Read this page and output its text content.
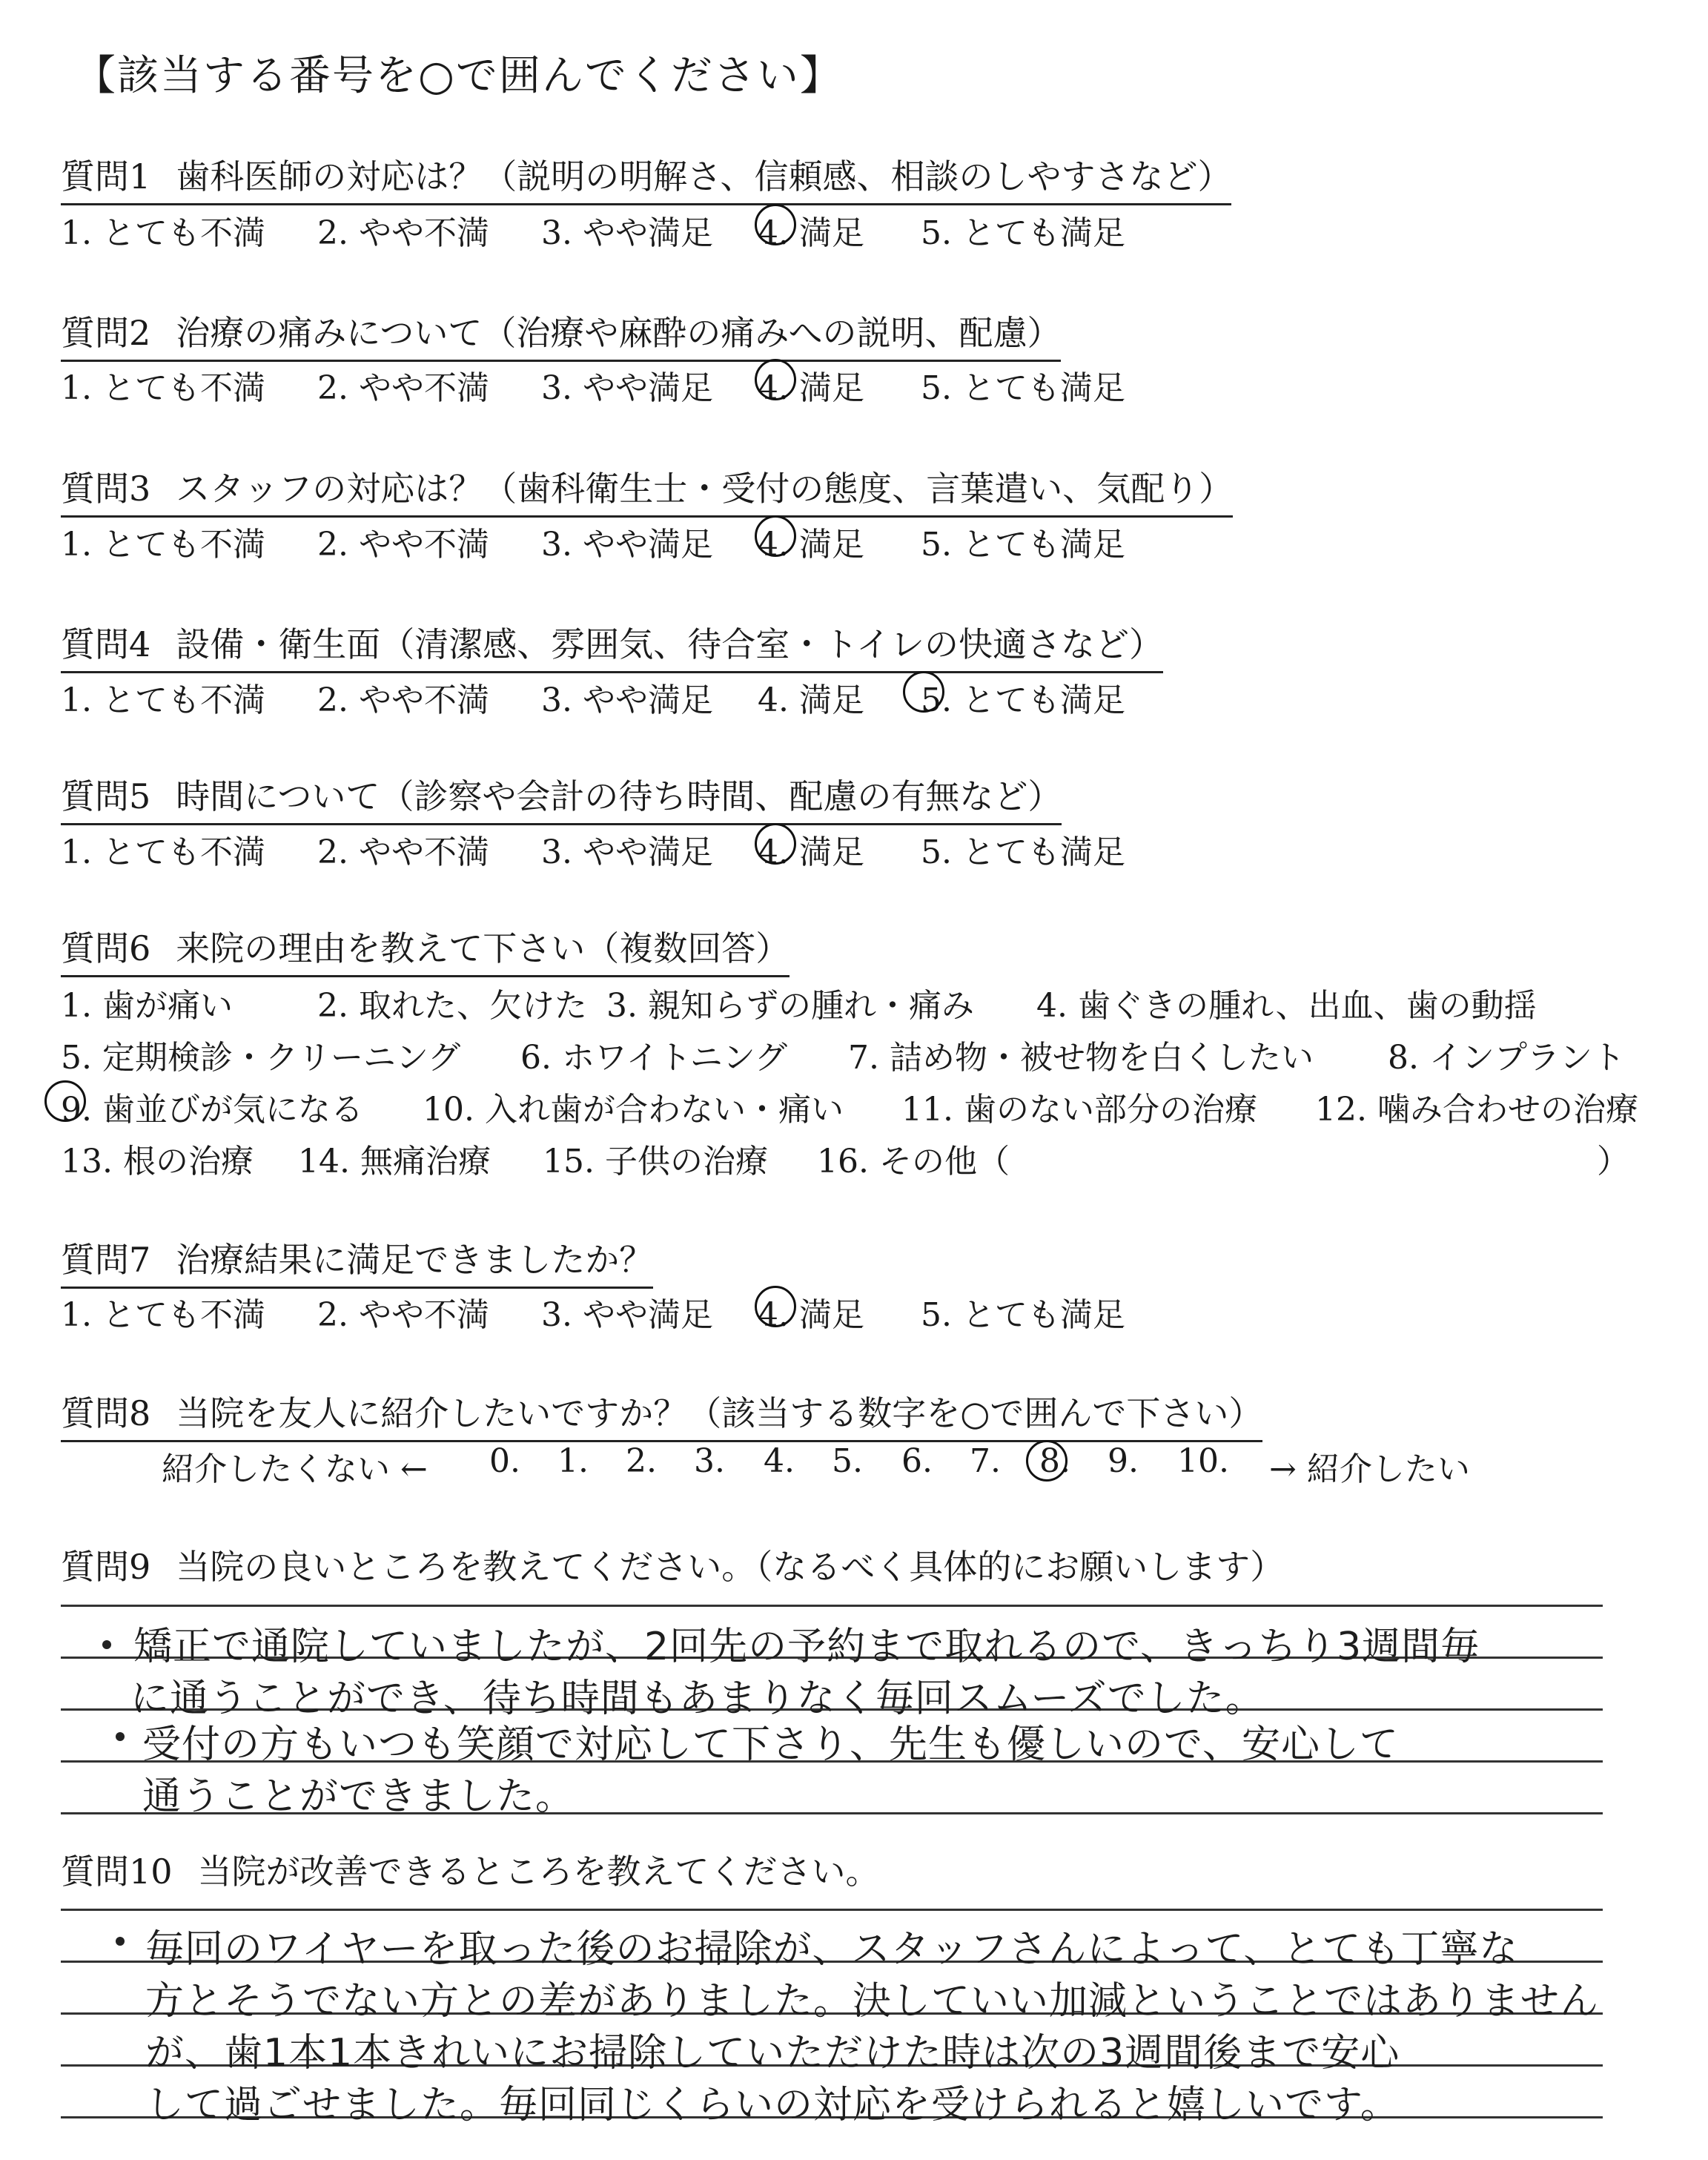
【該当する番号を○で囲んでください】
質問1 歯科医師の対応は？（説明の明解さ、信頼感、相談のしやすさなど）
1. とても不満 2. やや不満 3. やや満足 4. 満足 5. とても満足
質問2 治療の痛みについて（治療や麻酔の痛みへの説明、配慮）
1. とても不満 2. やや不満 3. やや満足 4. 満足 5. とても満足
質問3 スタッフの対応は？（歯科衛生士・受付の態度、言葉遣い、気配り）
1. とても不満 2. やや不満 3. やや満足 4. 満足 5. とても満足
質問4 設備・衛生面（清潔感、雰囲気、待合室・トイレの快適さなど）
1. とても不満 2. やや不満 3. やや満足 4. 満足 5. とても満足
質問5 時間について（診察や会計の待ち時間、配慮の有無など）
1. とても不満 2. やや不満 3. やや満足 4. 満足 5. とても満足
質問6 来院の理由を教えて下さい（複数回答）
1. 歯が痛い	2. 取れた、欠けた 3. 親知らずの腫れ・痛み 4. 歯ぐきの腫れ、出血、歯の動揺
5. 定期検診・クリーニング 6. ホワイトニング 7. 詰め物・被せ物を白くしたい 8. インプラント
9. 歯並びが気になる 10. 入れ歯が合わない・痛い 11. 歯のない部分の治療 12. 噛み合わせの治療
13. 根の治療 14. 無痛治療 15. 子供の治療 16. その他（	）
質問7 治療結果に満足できましたか？
1. とても不満 2. やや不満 3. やや満足 4. 満足 5. とても満足
質問8 当院を友人に紹介したいですか？（該当する数字を○で囲んで下さい）
紹介したくない ← 0. 1. 2. 3. 4. 5. 6. 7. 8. 9. 10. → 紹介したい
質問9 当院の良いところを教えてください。（なるべく具体的にお願いします）
矯正で通院していましたが、2回先の予約まで取れるので、きっちり3週間毎
に通うことができ、待ち時間もあまりなく毎回スムーズでした。
受付の方もいつも笑顔で対応して下さり、先生も優しいので、安心して
通うことができました。
質問10 当院が改善できるところを教えてください。
毎回のワイヤーを取った後のお掃除が、スタッフさんによって、とても丁寧な
方とそうでない方との差がありました。決していい加減ということではありません
が、歯1本1本きれいにお掃除していただけた時は次の3週間後まで安心
して過ごせました。毎回同じくらいの対応を受けられると嬉しいです。
